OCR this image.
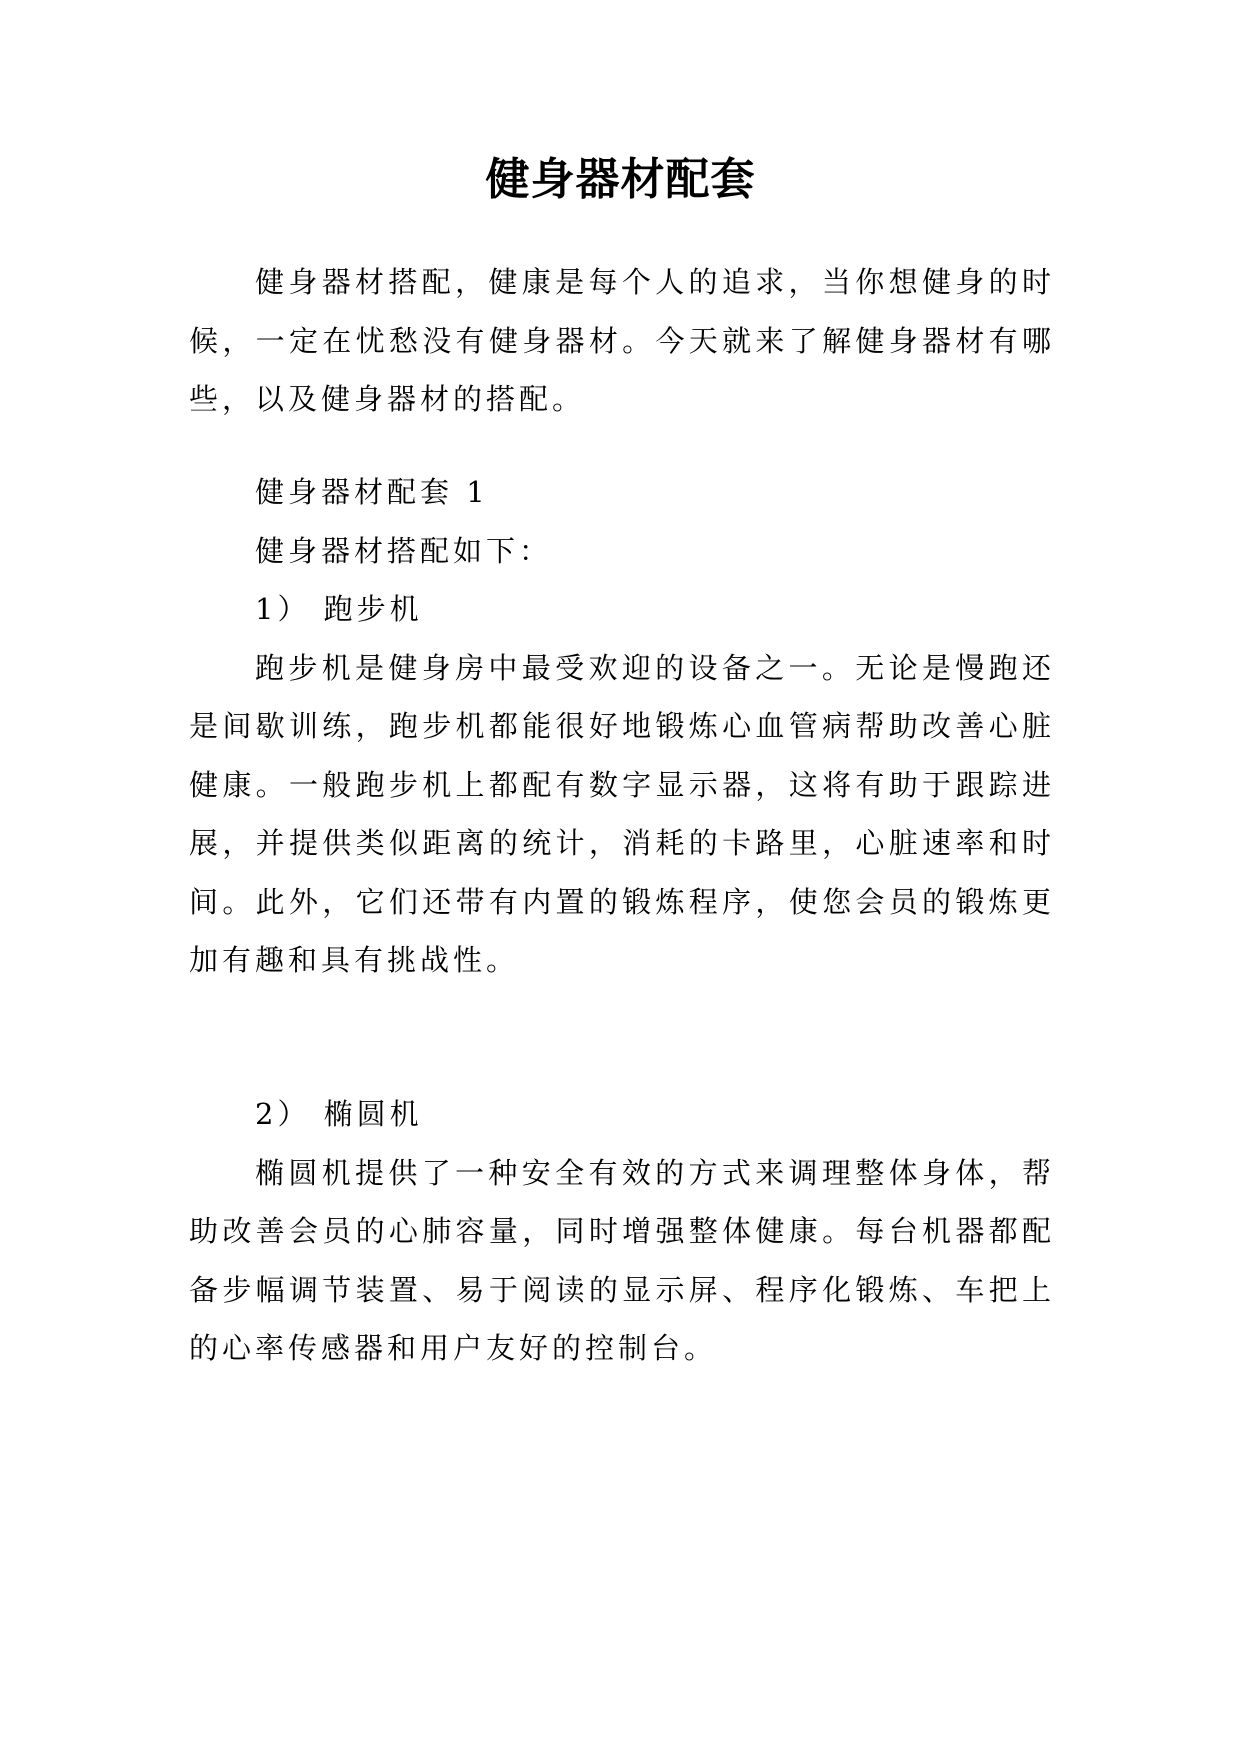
健身器材配套

健身器材搭配，健康是每个人的追求，当你想健身的时候，一定在忧愁没有健身器材。今天就来了解健身器材有哪些，以及健身器材的搭配。

健身器材配套 1

健身器材搭配如下：

1） 跑步机

跑步机是健身房中最受欢迎的设备之一。无论是慢跑还是间歇训练，跑步机都能很好地锻炼心血管病帮助改善心脏健康。一般跑步机上都配有数字显示器，这将有助于跟踪进展，并提供类似距离的统计，消耗的卡路里，心脏速率和时间。此外，它们还带有内置的锻炼程序，使您会员的锻炼更加有趣和具有挑战性。

2） 椭圆机

椭圆机提供了一种安全有效的方式来调理整体身体，帮助改善会员的心肺容量，同时增强整体健康。每台机器都配备步幅调节装置、易于阅读的显示屏、程序化锻炼、车把上的心率传感器和用户友好的控制台。
